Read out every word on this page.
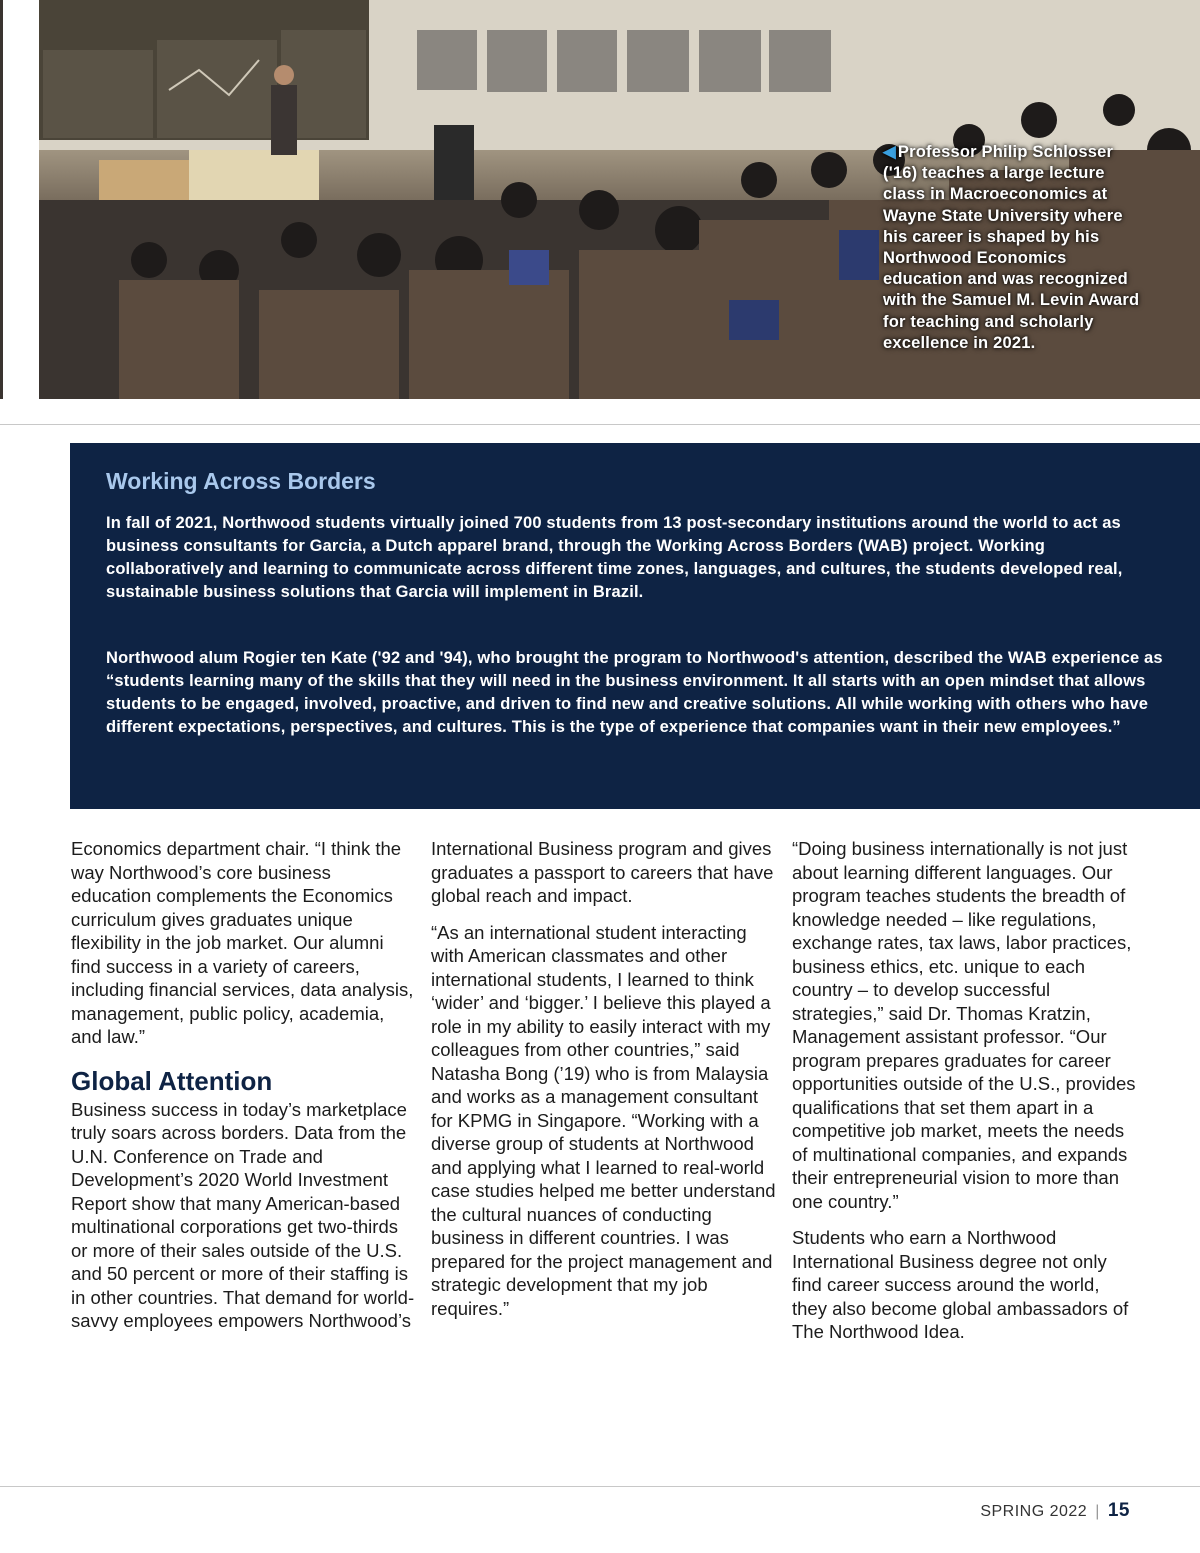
◀ Professor Philip Schlosser ('16) teaches a large lecture class in Macroeconomics at Wayne State University where his career is shaped by his Northwood Economics education and was recognized with the Samuel M. Levin Award for teaching and scholarly excellence in 2021.
Working Across Borders

In fall of 2021, Northwood students virtually joined 700 students from 13 post-secondary institutions around the world to act as business consultants for Garcia, a Dutch apparel brand, through the Working Across Borders (WAB) project. Working collaboratively and learning to communicate across different time zones, languages, and cultures, the students developed real, sustainable business solutions that Garcia will implement in Brazil.

Northwood alum Rogier ten Kate ('92 and '94), who brought the program to Northwood's attention, described the WAB experience as “students learning many of the skills that they will need in the business environment. It all starts with an open mindset that allows students to be engaged, involved, proactive, and driven to find new and creative solutions. All while working with others who have different expectations, perspectives, and cultures. This is the type of experience that companies want in their new employees.”

Economics department chair. “I think the way Northwood’s core business education complements the Economics curriculum gives graduates unique flexibility in the job market. Our alumni find success in a variety of careers, including financial services, data analysis, management, public policy, academia, and law.”

Global Attention

Business success in today’s marketplace truly soars across borders. Data from the U.N. Conference on Trade and Development’s 2020 World Investment Report show that many American-based multinational corporations get two-thirds or more of their sales outside of the U.S. and 50 percent or more of their staffing is in other countries. That demand for world-savvy employees empowers Northwood’s

International Business program and gives graduates a passport to careers that have global reach and impact.

“As an international student interacting with American classmates and other international students, I learned to think ‘wider’ and ‘bigger.’ I believe this played a role in my ability to easily interact with my colleagues from other countries,” said Natasha Bong (’19) who is from Malaysia and works as a management consultant for KPMG in Singapore. “Working with a diverse group of students at Northwood and applying what I learned to real-world case studies helped me better understand the cultural nuances of conducting business in different countries. I was prepared for the project management and strategic development that my job requires.”

“Doing business internationally is not just about learning different languages. Our program teaches students the breadth of knowledge needed – like regulations, exchange rates, tax laws, labor practices, business ethics, etc. unique to each country – to develop successful strategies,” said Dr. Thomas Kratzin, Management assistant professor. “Our program prepares graduates for career opportunities outside of the U.S., provides qualifications that set them apart in a competitive job market, meets the needs of multinational companies, and expands their entrepreneurial vision to more than one country.”

Students who earn a Northwood International Business degree not only find career success around the world, they also become global ambassadors of The Northwood Idea.

SPRING 2022 | 15
